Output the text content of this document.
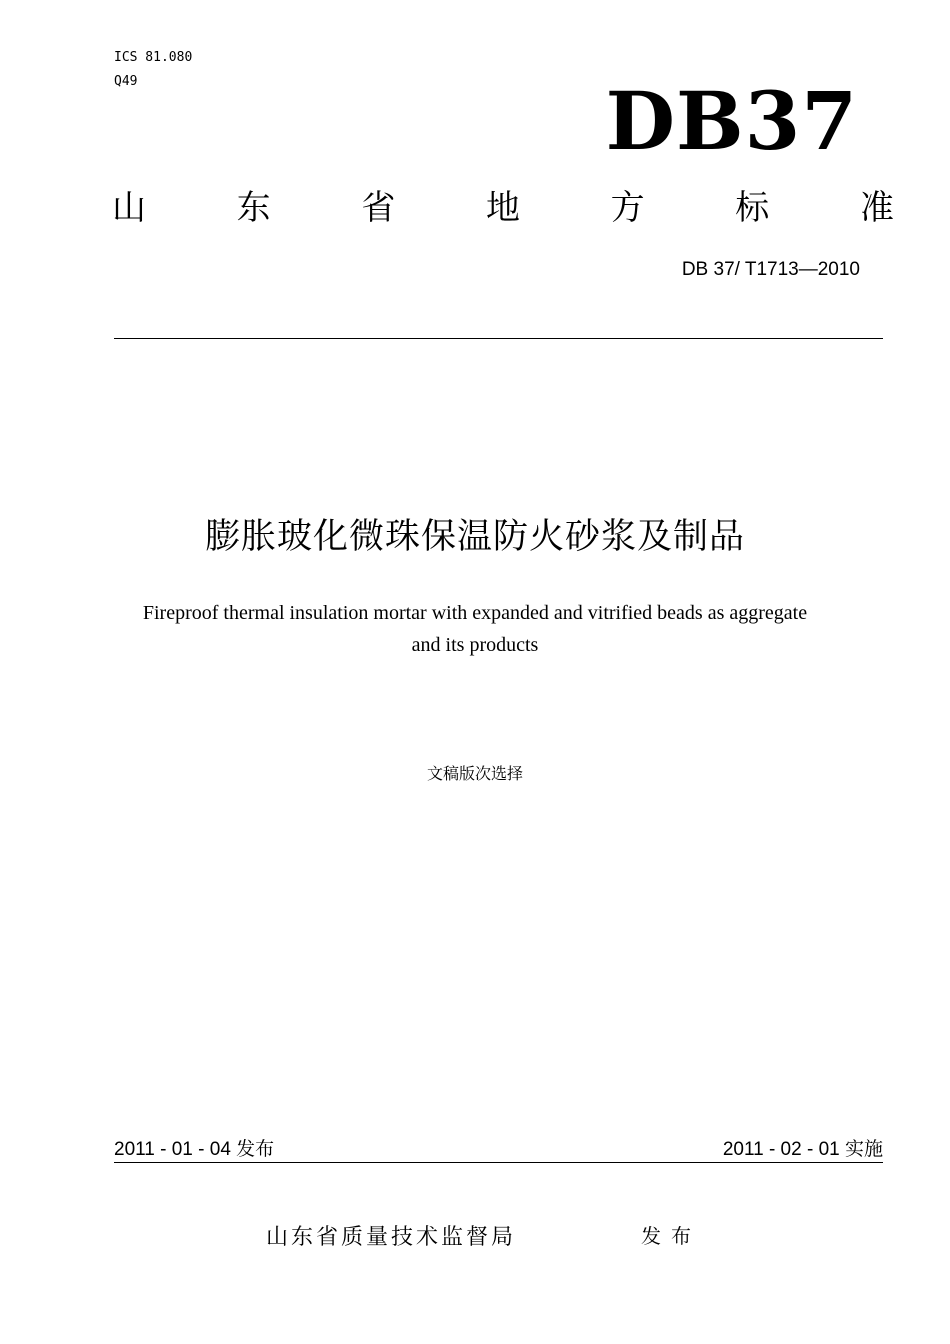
ICS 81.080
Q49	DB37
山	东	省	地	方	标	准
DB 37/ T1713—2010
膨胀玻化微珠保温防火砂浆及制品
Fireproof thermal insulation mortar with expanded and vitrified beads as aggregate
and its products
文稿版次选择
2011 - 01 - 04 发布	2011 - 02 - 01 实施
山东省质量技术监督局	发布
